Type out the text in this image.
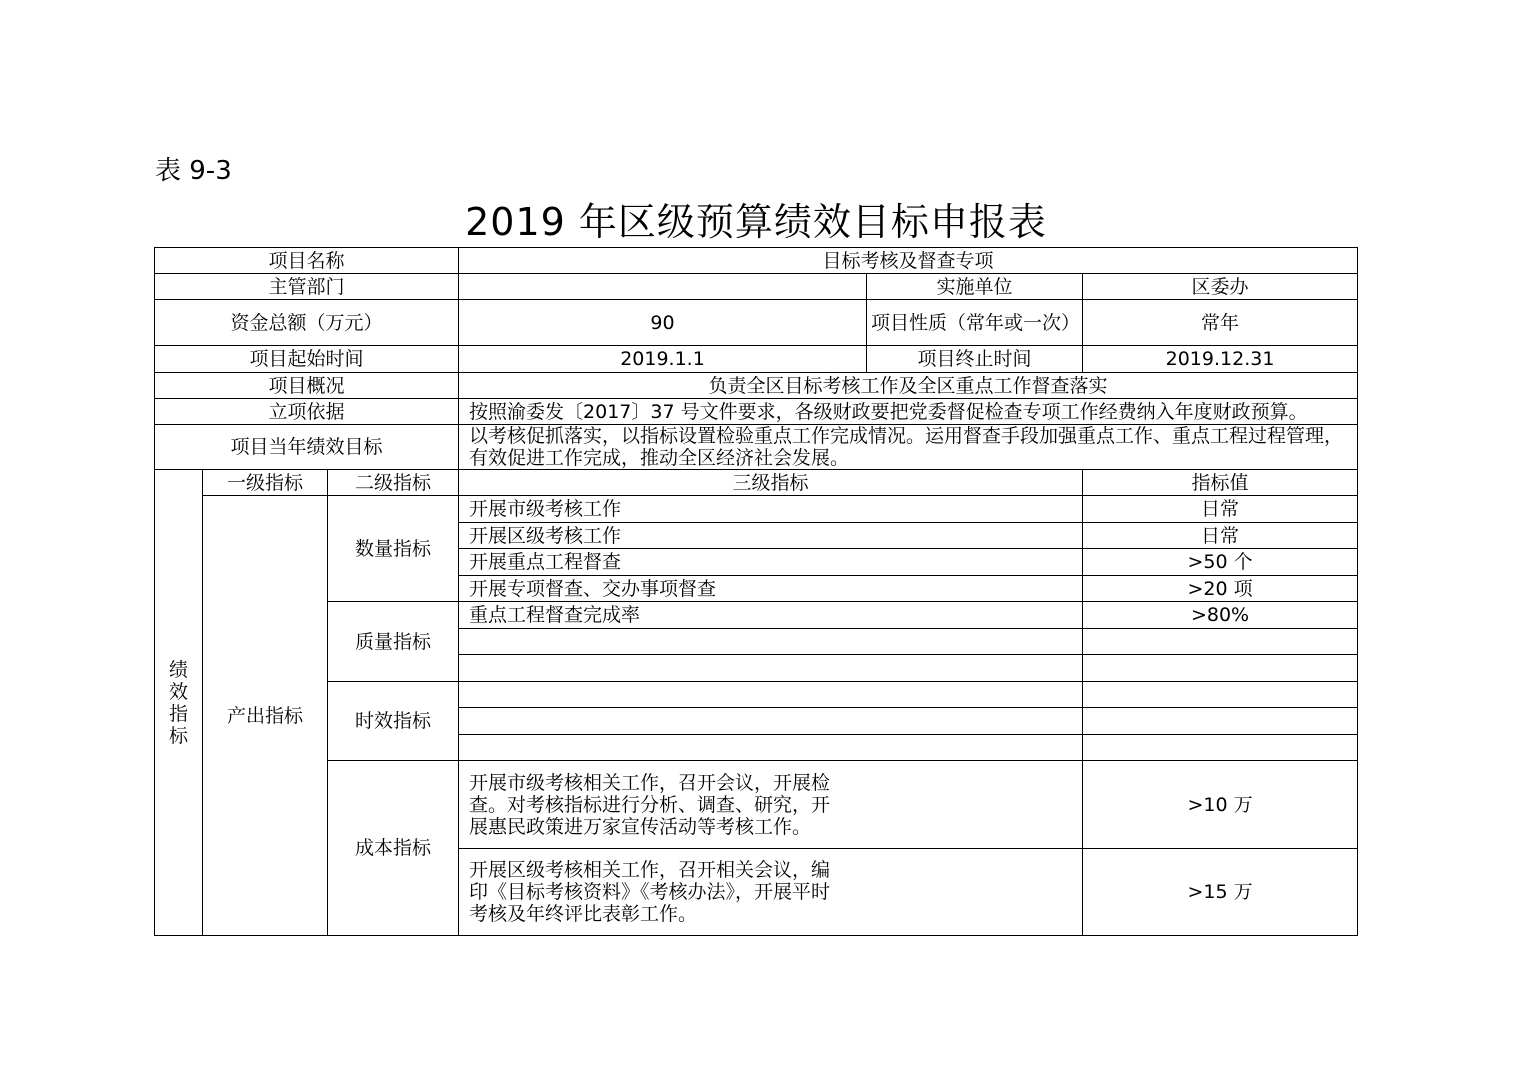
表 9-3
2019 年区级预算绩效目标申报表
项目名称			目标考核及督查专项		
主管部门				实施单位	区委办
资金总额（万元）			90	项目性质（常年或一次）	常年
项目起始时间			2019.1.1	项目终止时间	2019.12.31
项目概况			负责全区目标考核工作及全区重点工作督查落实		
立项依据			按照渝委发〔2017〕37 号文件要求，各级财政要把党委督促检查专项工作经费纳入年度财政预算。		
项目当年绩效目标			以考核促抓落实，以指标设置检验重点工作完成情况。运用督查手段加强重点工作、重点工程过程管理，有效促进工作完成，推动全区经济社会发展。		
绩效指标	一级指标	二级指标	三级指标		指标值
	产出指标	数量指标	开展市级考核工作		日常
			开展区级考核工作		日常
			开展重点工程督查		>50 个
			开展专项督查、交办事项督查		>20 项
		质量指标	重点工程督查完成率		>80%

		时效指标			

		成本指标	开展市级考核相关工作，召开会议，开展检查。对考核指标进行分析、调查、研究，开展惠民政策进万家宣传活动等考核工作。		>10 万

			开展区级考核相关工作，召开相关会议，编印《目标考核资料》《考核办法》，开展平时考核及年终评比表彰工作。		>15 万
